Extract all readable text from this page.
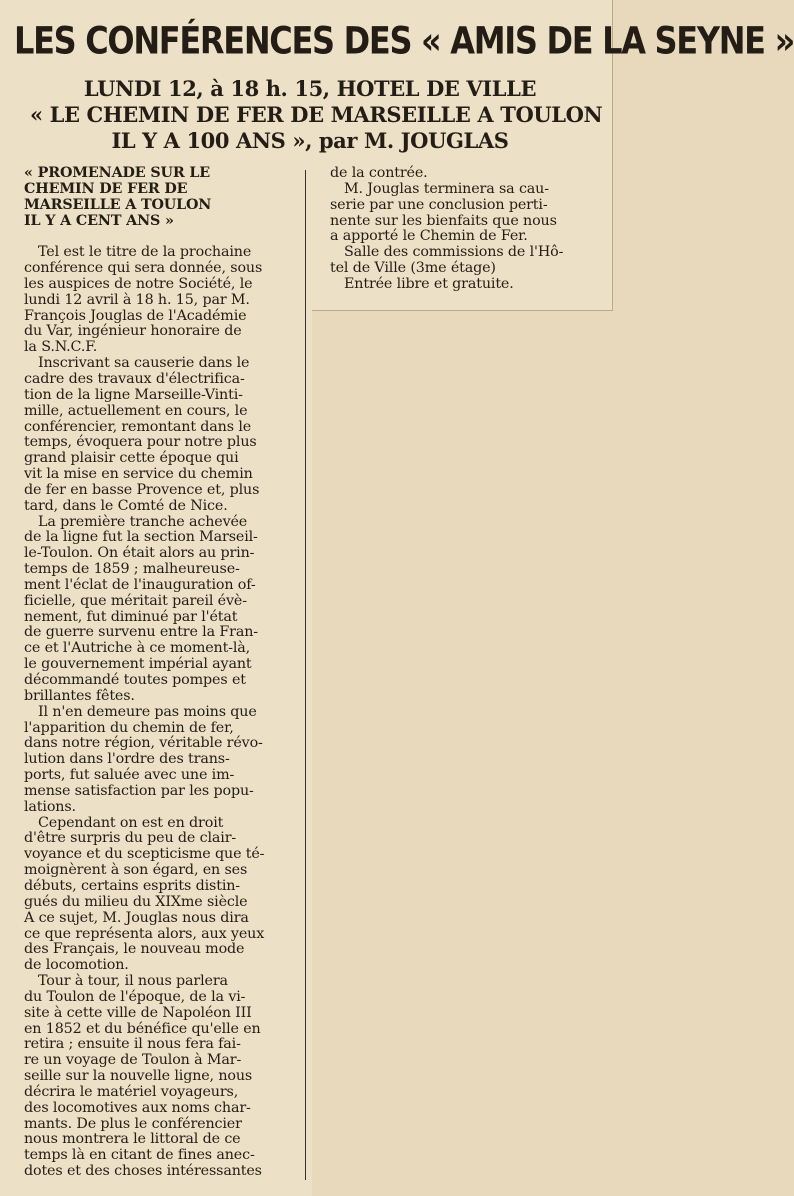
LES CONFÉRENCES DES « AMIS DE LA SEYNE »
LUNDI 12, à 18 h. 15, HOTEL DE VILLE
« LE CHEMIN DE FER DE MARSEILLE A TOULON
IL Y A 100 ANS », par M. JOUGLAS
« PROMENADE SUR LE
CHEMIN DE FER DE
MARSEILLE A TOULON
IL Y A CENT ANS »
Tel est le titre de la prochaine
conférence qui sera donnée, sous
les auspices de notre Société, le
lundi 12 avril à 18 h. 15, par M.
François Jouglas de l'Académie
du Var, ingénieur honoraire de
la S.N.C.F.
Inscrivant sa causerie dans le
cadre des travaux d'électrifica-
tion de la ligne Marseille-Vinti-
mille, actuellement en cours, le
conférencier, remontant dans le
temps, évoquera pour notre plus
grand plaisir cette époque qui
vit la mise en service du chemin
de fer en basse Provence et, plus
tard, dans le Comté de Nice.
La première tranche achevée
de la ligne fut la section Marseil-
le-Toulon. On était alors au prin-
temps de 1859 ; malheureuse-
ment l'éclat de l'inauguration of-
ficielle, que méritait pareil évè-
nement, fut diminué par l'état
de guerre survenu entre la Fran-
ce et l'Autriche à ce moment-là,
le gouvernement impérial ayant
décommandé toutes pompes et
brillantes fêtes.
Il n'en demeure pas moins que
l'apparition du chemin de fer,
dans notre région, véritable révo-
lution dans l'ordre des trans-
ports, fut saluée avec une im-
mense satisfaction par les popu-
lations.
Cependant on est en droit
d'être surpris du peu de clair-
voyance et du scepticisme que té-
moignèrent à son égard, en ses
débuts, certains esprits distin-
gués du milieu du XIXme siècle
A ce sujet, M. Jouglas nous dira
ce que représenta alors, aux yeux
des Français, le nouveau mode
de locomotion.
Tour à tour, il nous parlera
du Toulon de l'époque, de la vi-
site à cette ville de Napoléon III
en 1852 et du bénéfice qu'elle en
retira ; ensuite il nous fera fai-
re un voyage de Toulon à Mar-
seille sur la nouvelle ligne, nous
décrira le matériel voyageurs,
des locomotives aux noms char-
mants. De plus le conférencier
nous montrera le littoral de ce
temps là en citant de fines anec-
dotes et des choses intéressantes
de la contrée.
M. Jouglas terminera sa cau-
serie par une conclusion perti-
nente sur les bienfaits que nous
a apporté le Chemin de Fer.
Salle des commissions de l'Hô-
tel de Ville (3me étage)
Entrée libre et gratuite.
